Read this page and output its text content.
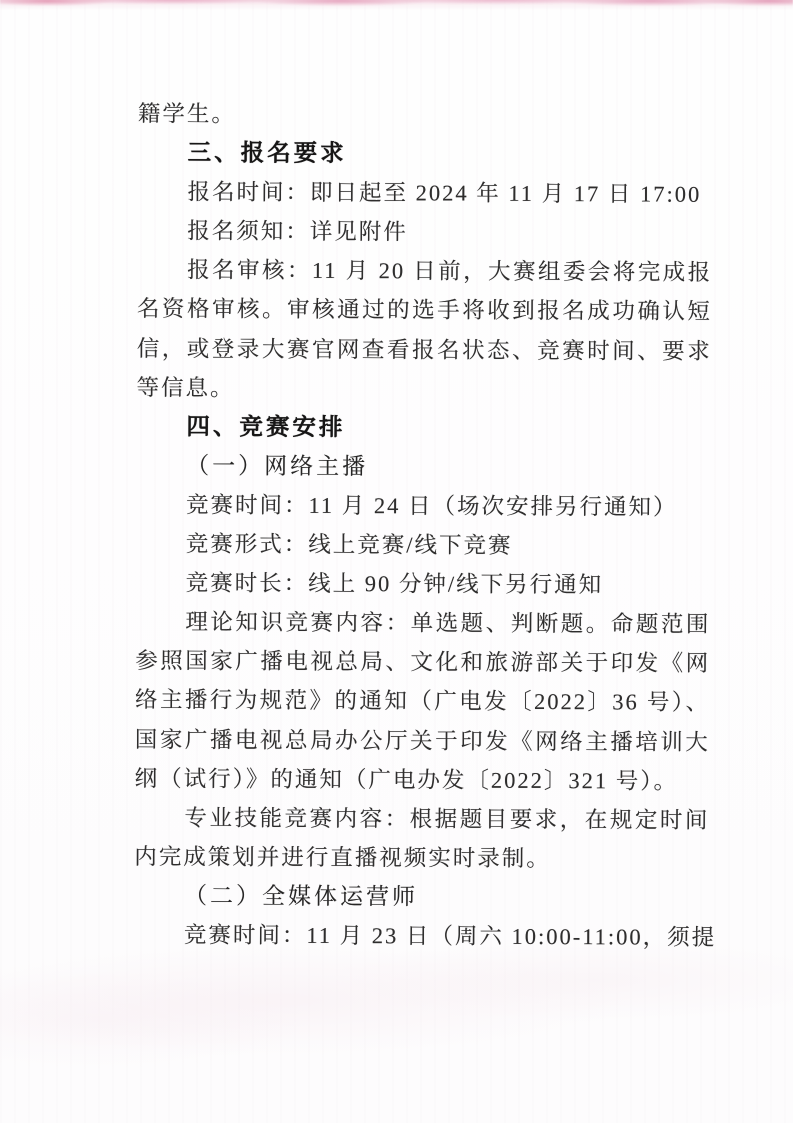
籍学生。
三、报名要求
报名时间：即日起至 2024 年 11 月 17 日 17:00
报名须知：详见附件
报名审核：11 月 20 日前，大赛组委会将完成报
名资格审核。审核通过的选手将收到报名成功确认短
信，或登录大赛官网查看报名状态、竞赛时间、要求
等信息。
四、竞赛安排
（一）网络主播
竞赛时间：11 月 24 日（场次安排另行通知）
竞赛形式：线上竞赛/线下竞赛
竞赛时长：线上 90 分钟/线下另行通知
理论知识竞赛内容：单选题、判断题。命题范围
参照国家广播电视总局、文化和旅游部关于印发《网
络主播行为规范》的通知（广电发〔2022〕36 号）、
国家广播电视总局办公厅关于印发《网络主播培训大
纲（试行）》的通知（广电办发〔2022〕321 号）。
专业技能竞赛内容：根据题目要求，在规定时间
内完成策划并进行直播视频实时录制。
（二）全媒体运营师
竞赛时间：11 月 23 日（周六 10:00-11:00，须提
